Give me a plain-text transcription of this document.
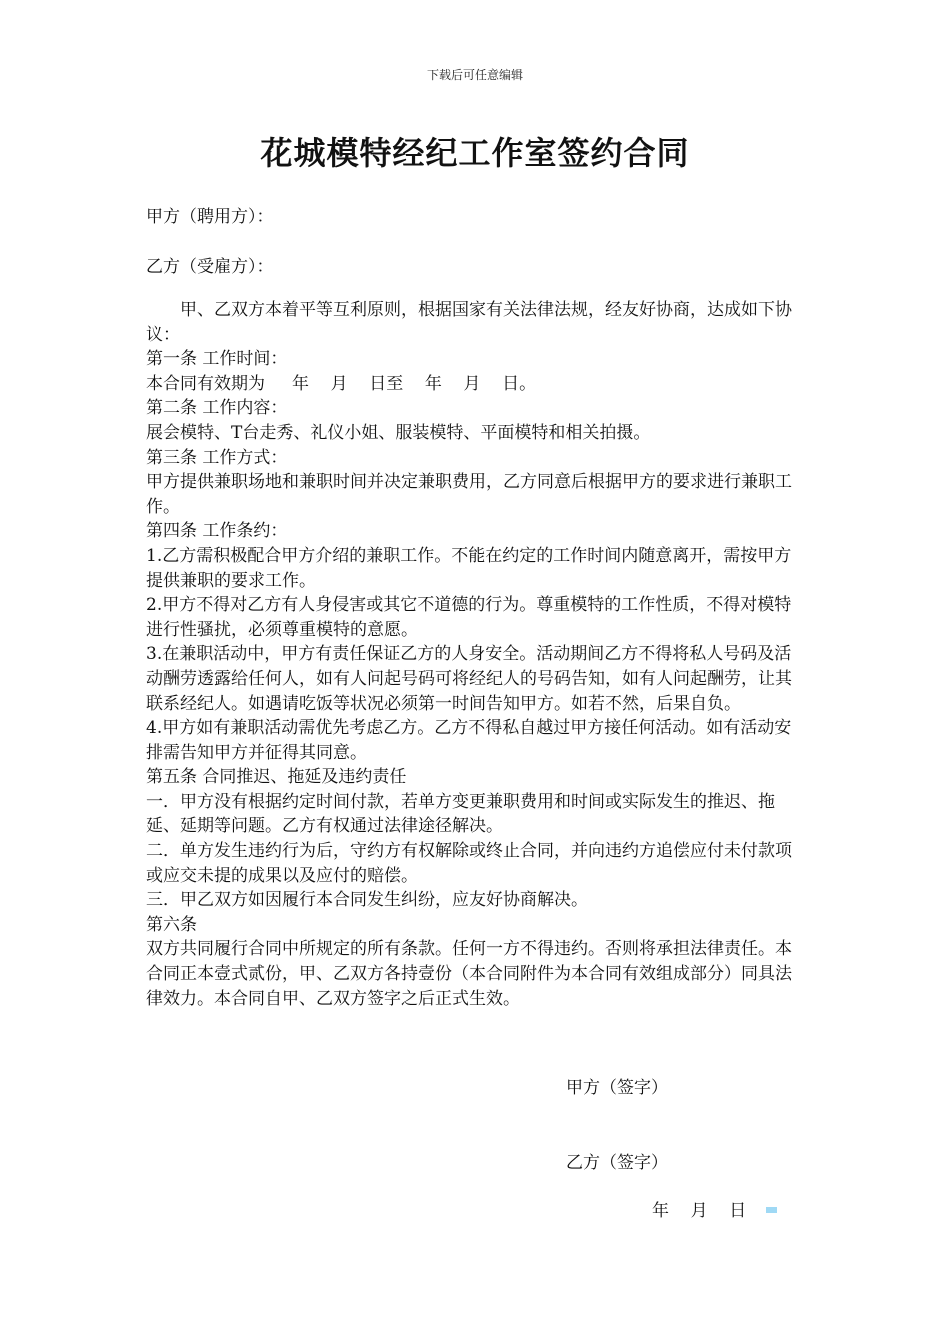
下载后可任意编辑
花城模特经纪工作室签约合同
甲方（聘用方）：
乙方（受雇方）：

甲、乙双方本着平等互利原则，根据国家有关法律法规，经友好协商，达成如下协议：

第一条 工作时间：

本合同有效期为     年    月    日至    年    月    日。

第二条 工作内容：

展会模特、T台走秀、礼仪小姐、服装模特、平面模特和相关拍摄。

第三条 工作方式：

甲方提供兼职场地和兼职时间并决定兼职费用，乙方同意后根据甲方的要求进行兼职工作。

第四条 工作条约：

1.乙方需积极配合甲方介绍的兼职工作。不能在约定的工作时间内随意离开，需按甲方提供兼职的要求工作。

2.甲方不得对乙方有人身侵害或其它不道德的行为。尊重模特的工作性质，不得对模特进行性骚扰，必须尊重模特的意愿。

3.在兼职活动中，甲方有责任保证乙方的人身安全。活动期间乙方不得将私人号码及活动酬劳透露给任何人，如有人问起号码可将经纪人的号码告知，如有人问起酬劳，让其联系经纪人。如遇请吃饭等状况必须第一时间告知甲方。如若不然，后果自负。

4.甲方如有兼职活动需优先考虑乙方。乙方不得私自越过甲方接任何活动。如有活动安排需告知甲方并征得其同意。

第五条 合同推迟、拖延及违约责任

一．甲方没有根据约定时间付款，若单方变更兼职费用和时间或实际发生的推迟、拖延、延期等问题。乙方有权通过法律途径解决。

二．单方发生违约行为后，守约方有权解除或终止合同，并向违约方追偿应付未付款项或应交未提的成果以及应付的赔偿。

三．甲乙双方如因履行本合同发生纠纷，应友好协商解决。

第六条

双方共同履行合同中所规定的所有条款。任何一方不得违约。否则将承担法律责任。本合同正本壹式贰份，甲、乙双方各持壹份（本合同附件为本合同有效组成部分）同具法律效力。本合同自甲、乙双方签字之后正式生效。

甲方（签字）
乙方（签字）
年    月    日
